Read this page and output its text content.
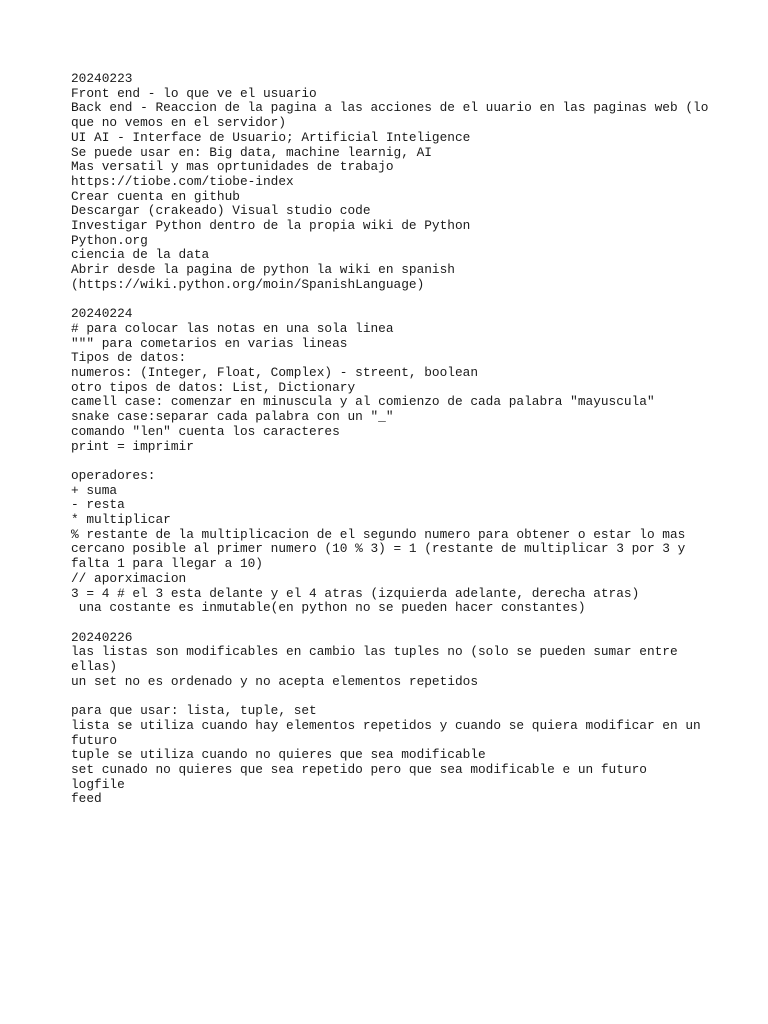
20240223

Front end - lo que ve el usuario

Back end - Reaccion de la pagina a las acciones de el uuario en las paginas web (lo que no vemos en el servidor)

UI AI - Interface de Usuario; Artificial Inteligence

Se puede usar en: Big data, machine learnig, AI

Mas versatil y mas oprtunidades de trabajo

https://tiobe.com/tiobe-index

Crear cuenta en github

Descargar (crakeado) Visual studio code

Investigar Python dentro de la propia wiki de Python

Python.org

ciencia de la data

Abrir desde la pagina de python la wiki en spanish

(https://wiki.python.org/moin/SpanishLanguage)

20240224

# para colocar las notas en una sola linea

""" para cometarios en varias lineas

Tipos de datos:

numeros: (Integer, Float, Complex) - streent, boolean

otro tipos de datos: List, Dictionary

camell case: comenzar en minuscula y al comienzo de cada palabra "mayuscula"

snake case:separar cada palabra con un "_"

comando "len" cuenta los caracteres

print = imprimir

operadores:

+ suma

- resta

* multiplicar

% restante de la multiplicacion de el segundo numero para obtener o estar lo mas cercano posible al primer numero (10 % 3) = 1 (restante de multiplicar 3 por 3 y falta 1 para llegar a 10)

// aporximacion

3 = 4 # el 3 esta delante y el 4 atras (izquierda adelante, derecha atras)

una costante es inmutable(en python no se pueden hacer constantes)

20240226

las listas son modificables en cambio las tuples no (solo se pueden sumar entre ellas)

un set no es ordenado y no acepta elementos repetidos

para que usar: lista, tuple, set

lista se utiliza cuando hay elementos repetidos y cuando se quiera modificar en un futuro

tuple se utiliza cuando no quieres que sea modificable

set cunado no quieres que sea repetido pero que sea modificable e un futuro

logfile

feed
